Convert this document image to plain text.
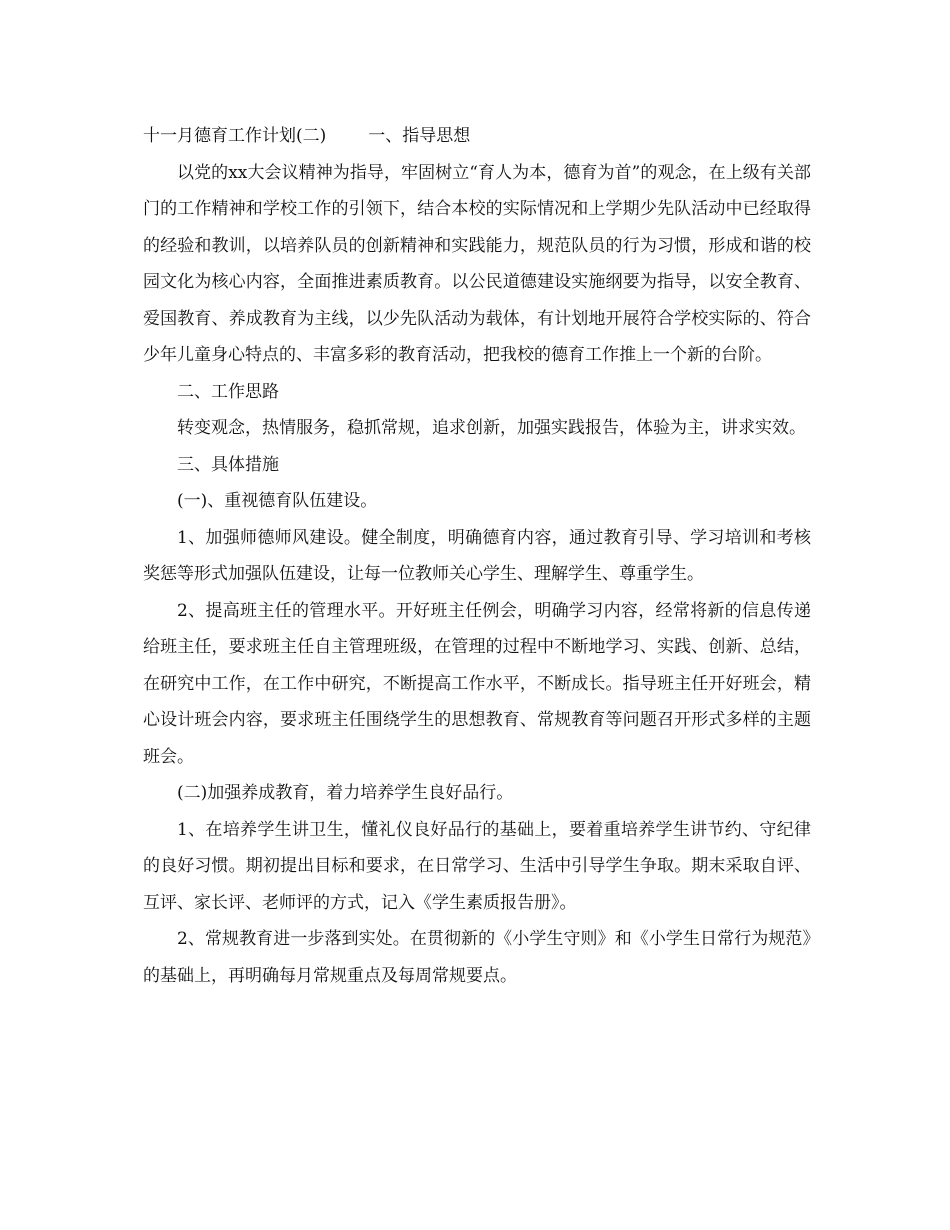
十一月德育工作计划(二) 一、指导思想

以党的xx大会议精神为指导，牢固树立“育人为本，德育为首”的观念，在上级有关部门的工作精神和学校工作的引领下，结合本校的实际情况和上学期少先队活动中已经取得的经验和教训，以培养队员的创新精神和实践能力，规范队员的行为习惯，形成和谐的校园文化为核心内容，全面推进素质教育。以公民道德建设实施纲要为指导，以安全教育、爱国教育、养成教育为主线，以少先队活动为载体，有计划地开展符合学校实际的、符合少年儿童身心特点的、丰富多彩的教育活动，把我校的德育工作推上一个新的台阶。

二、工作思路

转变观念，热情服务，稳抓常规，追求创新，加强实践报告，体验为主，讲求实效。

三、具体措施

(一)、重视德育队伍建设。

1、加强师德师风建设。健全制度，明确德育内容，通过教育引导、学习培训和考核奖惩等形式加强队伍建设，让每一位教师关心学生、理解学生、尊重学生。

2、提高班主任的管理水平。开好班主任例会，明确学习内容，经常将新的信息传递给班主任，要求班主任自主管理班级，在管理的过程中不断地学习、实践、创新、总结，在研究中工作，在工作中研究，不断提高工作水平，不断成长。指导班主任开好班会，精心设计班会内容，要求班主任围绕学生的思想教育、常规教育等问题召开形式多样的主题班会。

(二)加强养成教育，着力培养学生良好品行。

1、在培养学生讲卫生，懂礼仪良好品行的基础上，要着重培养学生讲节约、守纪律的良好习惯。期初提出目标和要求，在日常学习、生活中引导学生争取。期末采取自评、互评、家长评、老师评的方式，记入《学生素质报告册》。

2、常规教育进一步落到实处。在贯彻新的《小学生守则》和《小学生日常行为规范》的基础上，再明确每月常规重点及每周常规要点。
